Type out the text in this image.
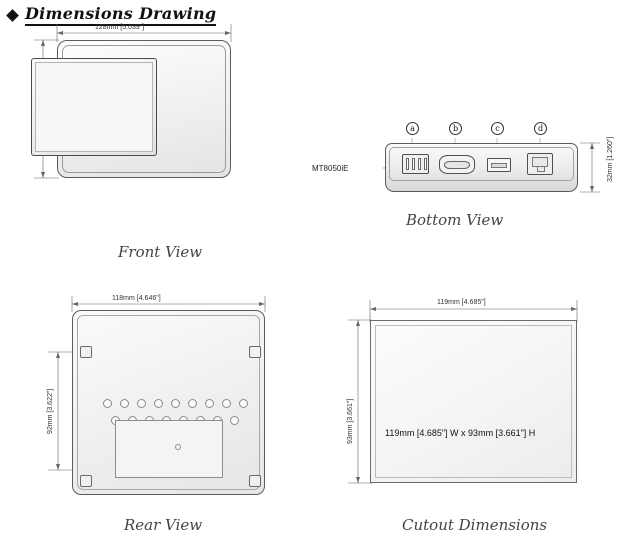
Dimensions Drawing
128mm [5.039"]
Front View
32mm [1.260"]
a	b	c	d
MT8050iE
Bottom View
118mm [4.646"]
92mm [3.622"]
Rear View
119mm [4.685"]
93mm [3.661"]	119mm [4.685"] W x 93mm [3.661"] H
Cutout Dimensions
